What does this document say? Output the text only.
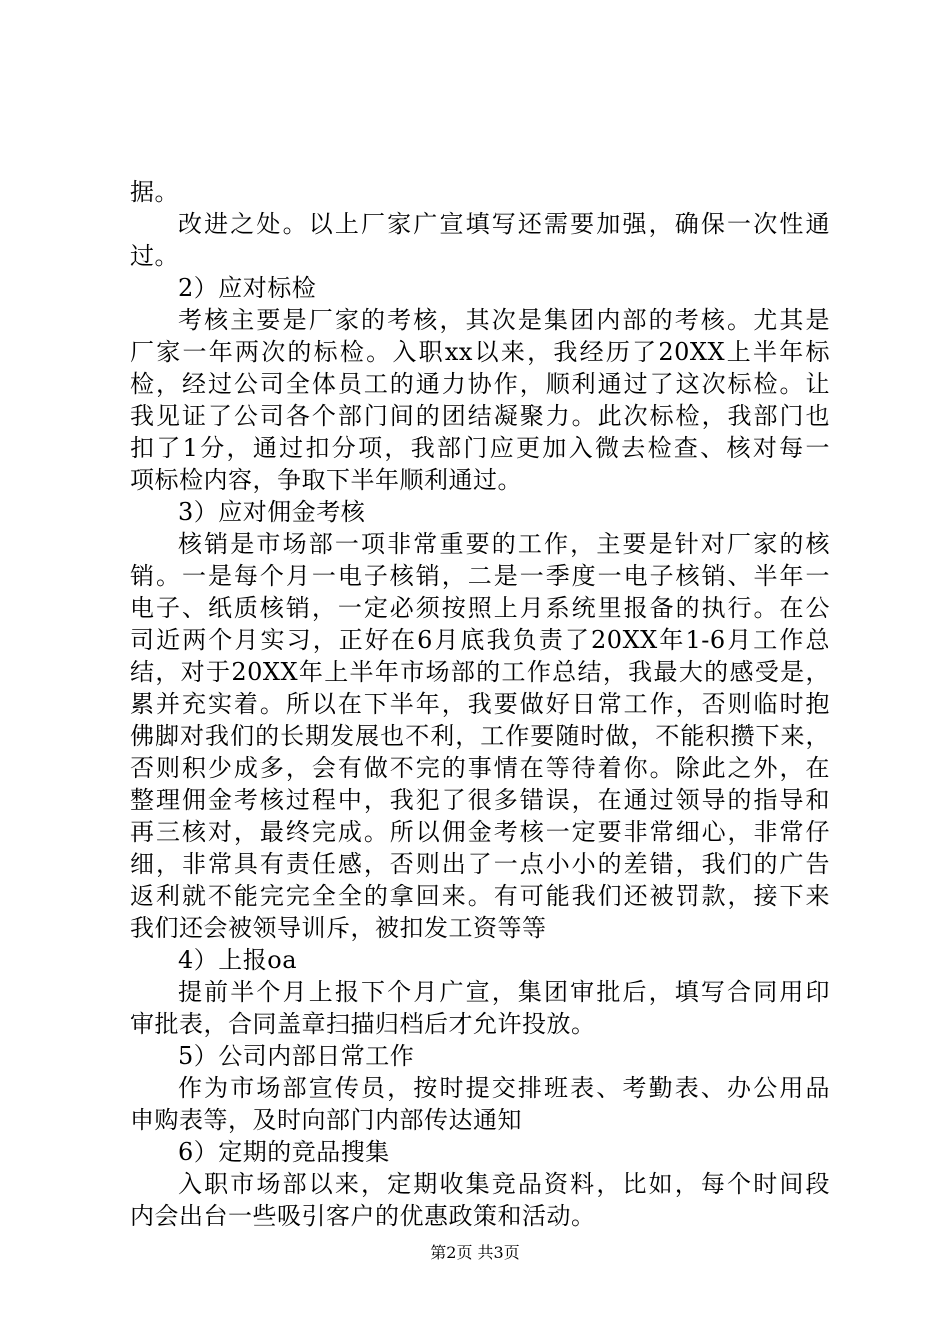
据。
改进之处。以上厂家广宣填写还需要加强，确保一次性通
过。
2）应对标检
考核主要是厂家的考核，其次是集团内部的考核。尤其是
厂家一年两次的标检。入职xx以来，我经历了20XX上半年标
检，经过公司全体员工的通力协作，顺利通过了这次标检。让
我见证了公司各个部门间的团结凝聚力。此次标检，我部门也
扣了1分，通过扣分项，我部门应更加入微去检查、核对每一
项标检内容，争取下半年顺利通过。
3）应对佣金考核
核销是市场部一项非常重要的工作，主要是针对厂家的核
销。一是每个月一电子核销，二是一季度一电子核销、半年一
电子、纸质核销，一定必须按照上月系统里报备的执行。在公
司近两个月实习，正好在6月底我负责了20XX年1-6月工作总
结，对于20XX年上半年市场部的工作总结，我最大的感受是，
累并充实着。所以在下半年，我要做好日常工作，否则临时抱
佛脚对我们的长期发展也不利，工作要随时做，不能积攒下来，
否则积少成多，会有做不完的事情在等待着你。除此之外，在
整理佣金考核过程中，我犯了很多错误，在通过领导的指导和
再三核对，最终完成。所以佣金考核一定要非常细心，非常仔
细，非常具有责任感，否则出了一点小小的差错，我们的广告
返利就不能完完全全的拿回来。有可能我们还被罚款，接下来
我们还会被领导训斥，被扣发工资等等
4）上报oa
提前半个月上报下个月广宣，集团审批后，填写合同用印
审批表，合同盖章扫描归档后才允许投放。
5）公司内部日常工作
作为市场部宣传员，按时提交排班表、考勤表、办公用品
申购表等，及时向部门内部传达通知
6）定期的竞品搜集
入职市场部以来，定期收集竞品资料，比如，每个时间段
内会出台一些吸引客户的优惠政策和活动。
第2页 共3页
